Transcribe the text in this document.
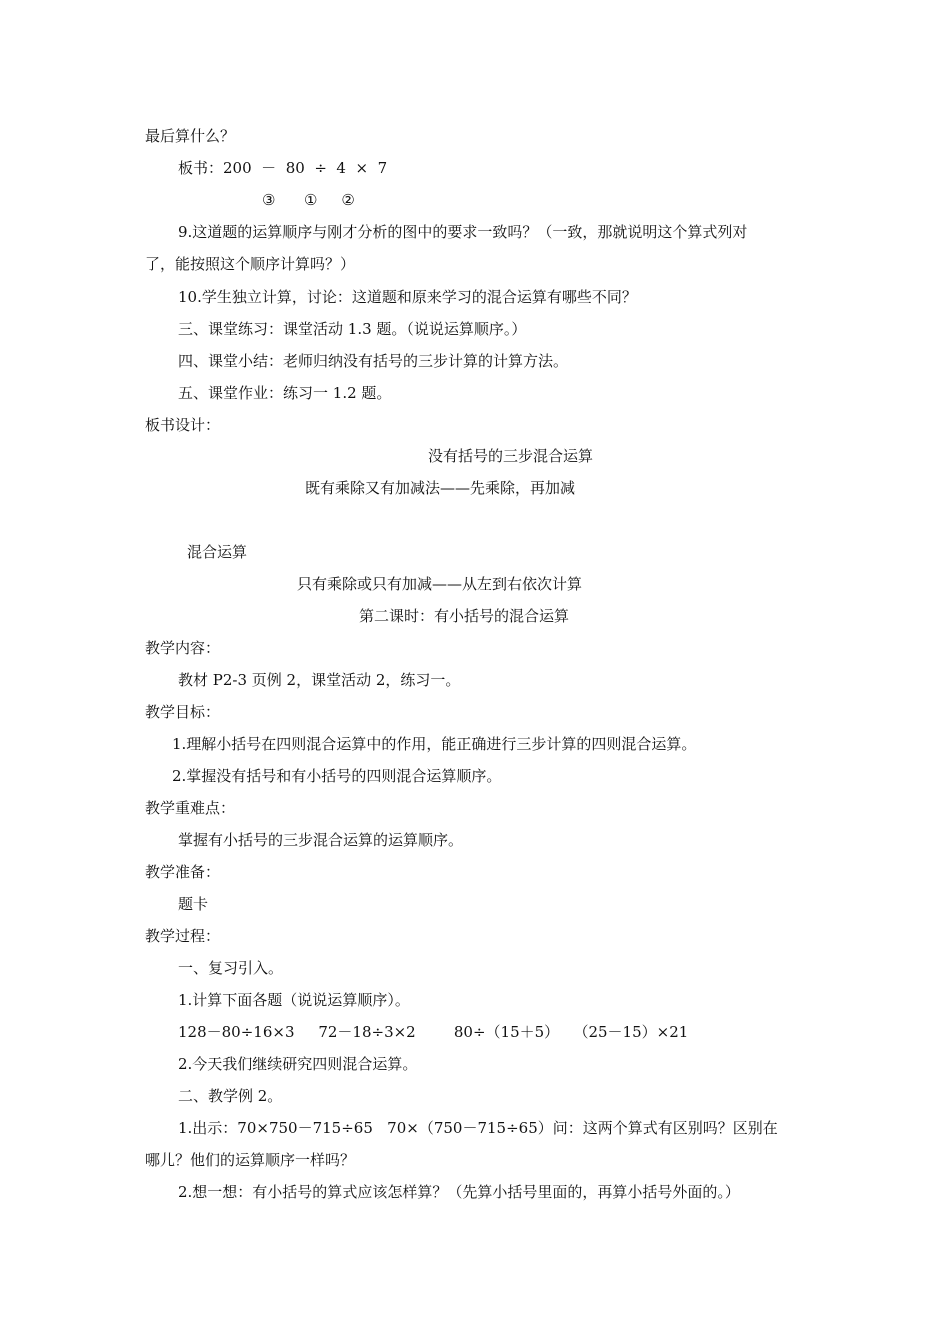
最后算什么？
板书：200  －  80  ÷  4  ×  7
③      ①     ②
9.这道题的运算顺序与刚才分析的图中的要求一致吗？（一致，那就说明这个算式列对
了，能按照这个顺序计算吗？）
10.学生独立计算，讨论：这道题和原来学习的混合运算有哪些不同？
三、课堂练习：课堂活动 1.3 题。（说说运算顺序。）
四、课堂小结：老师归纳没有括号的三步计算的计算方法。
五、课堂作业：练习一 1.2 题。
板书设计：
没有括号的三步混合运算
既有乘除又有加减法——先乘除，再加减
混合运算
只有乘除或只有加减——从左到右依次计算
第二课时：有小括号的混合运算
教学内容：
教材 P2-3 页例 2，课堂活动 2，练习一。
教学目标：
1.理解小括号在四则混合运算中的作用，能正确进行三步计算的四则混合运算。
2.掌握没有括号和有小括号的四则混合运算顺序。
教学重难点：
掌握有小括号的三步混合运算的运算顺序。
教学准备：
题卡
教学过程：
一、复习引入。
1.计算下面各题（说说运算顺序）。
128－80÷16×3     72－18÷3×2        80÷（15＋5）   （25－15）×21
2.今天我们继续研究四则混合运算。
二、教学例 2。
1.出示：70×750－715÷65   70×（750－715÷65）问：这两个算式有区别吗？区别在
哪儿？他们的运算顺序一样吗？
2.想一想：有小括号的算式应该怎样算？（先算小括号里面的，再算小括号外面的。）
